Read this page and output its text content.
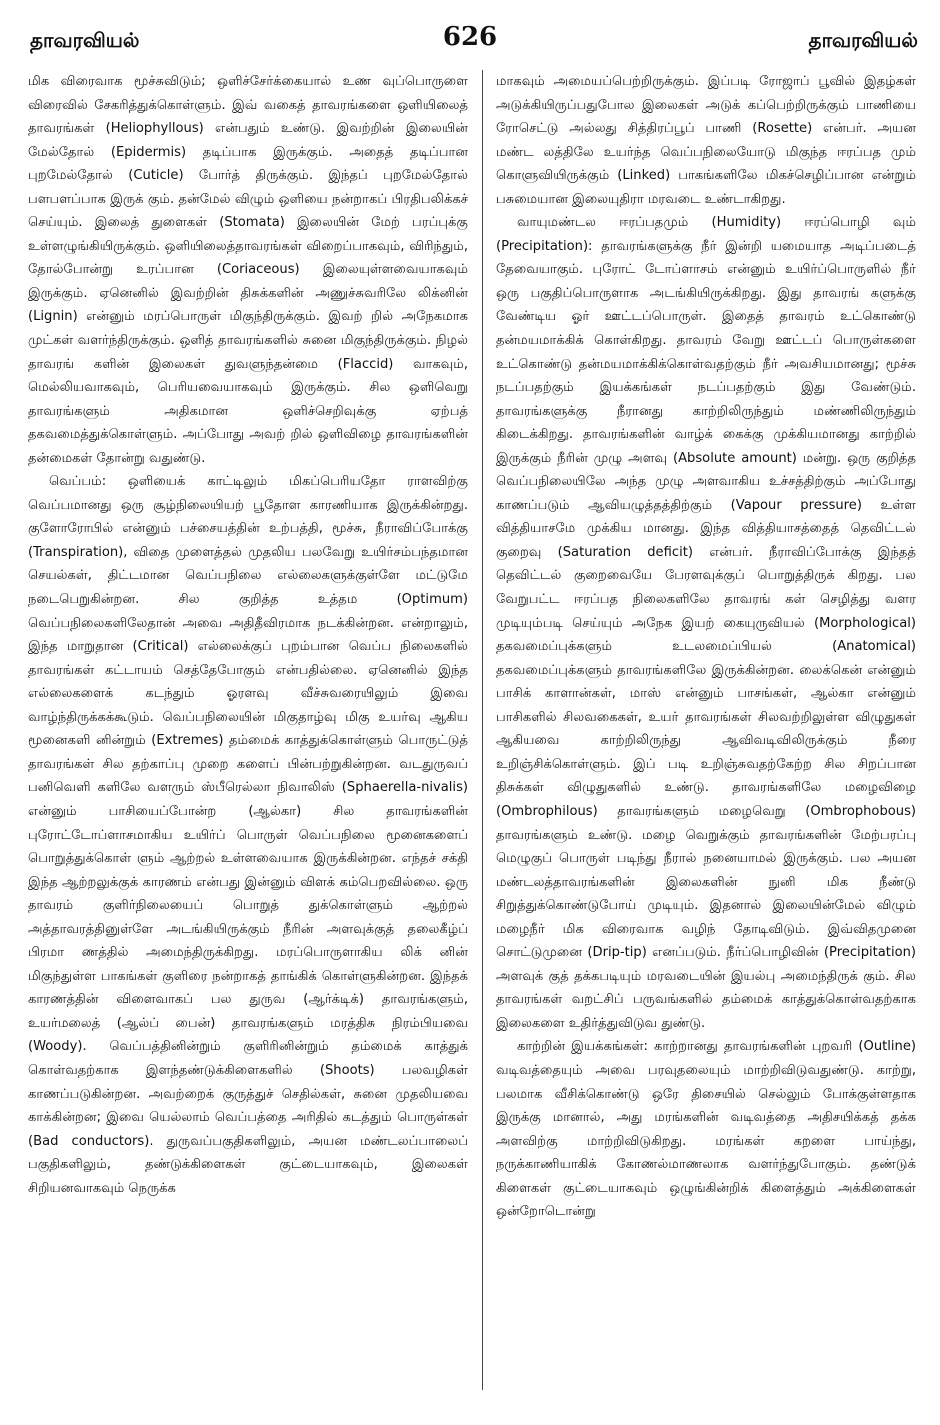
தாவரவியல்	626	தாவரவியல்

மிக விரைவாக மூச்சுவிடும்; ஒளிச்சேர்க்கையால் உண வுப்பொருளை விரைவில் சேகரித்துக்கொள்ளும். இவ் வகைத் தாவரங்களை ஒளியிலைத் தாவரங்கள் (Heliophyllous) என்பதும் உண்டு. இவற்றின் இலையின் மேல்தோல் (Epidermis) தடிப்பாக இருக்கும். அதைத் தடிப்பான புறமேல்தோல் (Cuticle) போர்த் திருக்கும். இந்தப் புறமேல்தோல் பளபளப்பாக இருக் கும். தன்மேல் விழும் ஒளியை நன்றாகப் பிரதிபலிக்கச் செய்யும். இலைத் துளைகள் (Stomata) இலையின் மேற் பரப்புக்கு உள்ளழுங்கியிருக்கும். ஒளியிலைத்தாவரங்கள் விறைப்பாகவும், விரிந்தும், தோல்போன்று உரப்பான (Coriaceous) இலையுள்ளவையாகவும் இருக்கும். ஏனெனில் இவற்றின் திசுக்களின் அணுச்சுவரிலே லிக்னின் (Lignin) என்னும் மரப்பொருள் மிகுந்திருக்கும். இவற் றில் அநேகமாக முட்கள் வளர்ந்திருக்கும். ஒளித் தாவரங்களில் சுனை மிகுந்திருக்கும். நிழல் தாவரங் களின் இலைகள் துவளுந்தன்மை (Flaccid) வாகவும், மெல்லியவாகவும், பெரியவையாகவும் இருக்கும். சில ஒளிவெறு தாவரங்களும் அதிகமான ஒளிச்செறிவுக்கு ஏற்பத் தகவமைத்துக்கொள்ளும். அப்போது அவற் றில் ஒளிவிழை தாவரங்களின் தன்மைகள் தோன்று வதுண்டு.

வெப்பம்: ஒளியைக் காட்டிலும் மிகப்பெரியதோ ராளவிற்கு வெப்பமானது ஒரு சூழ்நிலையியற் பூதோள காரணியாக இருக்கின்றது. குளோரோபில் என்னும் பச்சையத்தின் உற்பத்தி, மூச்சு, நீராவிப்போக்கு (Transpiration), விதை முளைத்தல் முதலிய பலவேறு உயிர்சம்பந்தமான செயல்கள், திட்டமான வெப்பநிலை எல்லைகளுக்குள்ளே மட்டுமே நடைபெறுகின்றன. சில குறித்த உத்தம (Optimum) வெப்பநிலைகளிலேதான் அவை அதிதீவிரமாக நடக்கின்றன. என்றாலும், இந்த மாறுதான (Critical) எல்லைக்குப் புறம்பான வெப்ப நிலைகளில் தாவரங்கள் கட்டாயம் செத்தேபோகும் என்பதில்லை. ஏனெனில் இந்த எல்லைகளைக் கடந்தும் ஓரளவு வீச்சுவரையிலும் இவை வாழ்ந்திருக்கக்கூடும். வெப்பநிலையின் மிகுதாழ்வு மிகு உயர்வு ஆகிய மூனைகளி னின்றும் (Extremes) தம்மைக் காத்துக்கொள்ளும் பொருட்டுத் தாவரங்கள் சில தற்காப்பு முறை களைப் பின்பற்றுகின்றன. வடதுருவப் பனிவெளி களிலே வளரும் ஸ்பீரெல்லா நிவாலிஸ் (Sphaerella-nivalis) என்னும் பாசியைப்போன்ற (ஆல்கா) சில தாவரங்களின் புரோட்டோப்ளாசமாகிய உயிர்ப் பொருள் வெப்பநிலை மூனைகளைப் பொறுத்துக்கொள் ளும் ஆற்றல் உள்ளவையாக இருக்கின்றன. எந்தச் சக்தி இந்த ஆற்றலுக்குக் காரணம் என்பது இன்னும் விளக் கம்பெறவில்லை. ஒரு தாவரம் குளிர்நிலையைப் பொறுத் துக்கொள்ளும் ஆற்றல் அத்தாவரத்தினுள்ளே அடங்கியிருக்கும் நீரின் அளவுக்குத் தலைகீழ்ப் பிரமா ணத்தில் அமைந்திருக்கிறது. மரப்பொருளாகிய லிக் னின் மிகுந்துள்ள பாகங்கள் குளிரை நன்றாகத் தாங்கிக் கொள்ளுகின்றன. இந்தக் காரணத்தின் விளைவாகப் பல துருவ (ஆர்க்டிக்) தாவரங்களும், உயர்மலைத் (ஆல்ப் பைன்) தாவரங்களும் மரத்திசு நிரம்பியவை (Woody). வெப்பத்தினின்றும் குளிரினின்றும் தம்மைக் காத்துக் கொள்வதற்காக இளந்தண்டுக்கிளைகளில் (Shoots) பலவழிகள் காணப்படுகின்றன. அவற்றைக் குருத்துச் செதில்கள், சுனை முதலியவை காக்கின்றன; இவை யெல்லாம் வெப்பத்தை அரிதில் கடத்தும் பொருள்கள் (Bad conductors). துருவப்பகுதிகளிலும், அயன மண்டலப்பாலைப் பகுதிகளிலும், தண்டுக்கிளைகள் குட்டையாகவும், இலைகள் சிறியனவாகவும் நெருக்க

மாகவும் அமையப்பெற்றிருக்கும். இப்படி ரோஜாப் பூவில் இதழ்கள் அடுக்கியிருப்பதுபோல இலைகள் அடுக் கப்பெற்றிருக்கும் பாணியை ரோசெட்டு அல்லது சித்திரப்பூப் பாணி (Rosette) என்பர். அயன மண்ட லத்திலே உயர்ந்த வெப்பநிலையோடு மிகுந்த ஈரப்பத மும் கொளுவியிருக்கும் (Linked) பாகங்களிலே மிகச்செழிப்பான என்றும் பசுமையான இலையுதிரா மரவடை உண்டாகிறது.

வாயுமண்டல ஈரப்பதமும் (Humidity) ஈரப்பொழி வும் (Precipitation): தாவரங்களுக்கு நீர் இன்றி யமையாத அடிப்படைத் தேவையாகும். புரோட் டோப்ளாசம் என்னும் உயிர்ப்பொருளில் நீர் ஒரு பகுதிப்பொருளாக அடங்கியிருக்கிறது. இது தாவரங் களுக்கு வேண்டிய ஓர் ஊட்டப்பொருள். இதைத் தாவரம் உட்கொண்டு தன்மயமாக்கிக் கொள்கிறது. தாவரம் வேறு ஊட்டப் பொருள்களை உட்கொண்டு தன்மயமாக்கிக்கொள்வதற்கும் நீர் அவசியமானது; மூச்சு நடப்பதற்கும் இயக்கங்கள் நடப்பதற்கும் இது வேண்டும். தாவரங்களுக்கு நீரானது காற்றிலிருந்தும் மண்ணிலிருந்தும் கிடைக்கிறது. தாவரங்களின் வாழ்க் கைக்கு முக்கியமானது காற்றில் இருக்கும் நீரின் முழு அளவு (Absolute amount) மன்று. ஒரு குறித்த வெப்பநிலையிலே அந்த முழு அளவாகிய உச்சத்திற்கும் அப்போது காணப்படும் ஆவியழுத்தத்திற்கும் (Vapour pressure) உள்ள வித்தியாசமே முக்கிய மானது. இந்த வித்தியாசத்தைத் தெவிட்டல் குறைவு (Saturation deficit) என்பர். நீராவிப்போக்கு இந்தத் தெவிட்டல் குறைவையே பேரளவுக்குப் பொறுத்திருக் கிறது. பல வேறுபட்ட ஈரப்பத நிலைகளிலே தாவரங் கள் செழித்து வளர முடியும்படி செய்யும் அநேக இயற் கையுருவியல் (Morphological) தகவமைப்புக்களும் உடலமைப்பியல் (Anatomical) தகவமைப்புக்களும் தாவரங்களிலே இருக்கின்றன. லைக்கென் என்னும் பாசிக் காளான்கள், மாஸ் என்னும் பாசங்கள், ஆல்கா என்னும் பாசிகளில் சிலவகைகள், உயர் தாவரங்கள் சிலவற்றிலுள்ள விழுதுகள் ஆகியவை காற்றிலிருந்து ஆவிவடிவிலிருக்கும் நீரை உறிஞ்சிக்கொள்ளும். இப் படி உறிஞ்சுவதற்கேற்ற சில சிறப்பான திசுக்கள் விழுதுகளில் உண்டு. தாவரங்களிலே மழைவிழை (Ombrophilous) தாவரங்களும் மழைவெறு (Ombrophobous) தாவரங்களும் உண்டு. மழை வெறுக்கும் தாவரங்களின் மேற்பரப்பு மெழுகுப் பொருள் படிந்து நீரால் நனையாமல் இருக்கும். பல அயன மண்டலத்தாவரங்களின் இலைகளின் நுனி மிக நீண்டு சிறுத்துக்கொண்டுபோய் முடியும். இதனால் இலையின்மேல் விழும் மழைநீர் மிக விரைவாக வழிந் தோடிவிடும். இவ்விதமுனை சொட்டுமுனை (Drip-tip) எனப்படும். நீர்ப்பொழிவின் (Precipitation) அளவுக் குத் தக்கபடியும் மரவடையின் இயல்பு அமைந்திருக் கும். சில தாவரங்கள் வறட்சிப் பருவங்களில் தம்மைக் காத்துக்கொள்வதற்காக இலைகளை உதிர்த்துவிடுவ துண்டு.

காற்றின் இயக்கங்கள்: காற்றானது தாவரங்களின் புறவரி (Outline) வடிவத்தையும் அவை பரவுதலையும் மாற்றிவிடுவதுண்டு. காற்று, பலமாக வீசிக்கொண்டு ஒரே திசையில் செல்லும் போக்குள்ளதாக இருக்கு மானால், அது மரங்களின் வடிவத்தை அதிசயிக்கத் தக்க அளவிற்கு மாற்றிவிடுகிறது. மரங்கள் கறளை பாய்ந்து, நருக்காணியாகிக் கோணல்மாணலாக வளர்ந்துபோகும். தண்டுக் கிளைகள் குட்டையாகவும் ஒழுங்கின்றிக் கிளைத்தும் அக்கிளைகள் ஒன்றோடொன்று
